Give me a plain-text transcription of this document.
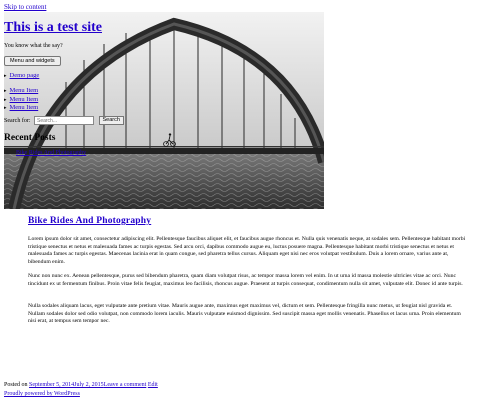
Skip to content
This is a test site
You know what the say?
Menu and widgets
▸ Demo page
▸ Menu Item
▸ Menu Item
▸ Menu Item
Search for: Search...	Search
Recent Posts
Bike Rides And Photography
Bike Rides And Photography

Lorem ipsum dolor sit amet, consectetur adipiscing elit. Pellentesque faucibus aliquet elit, et faucibus augue rhoncus et. Nulla quis venenatis neque, at sodales sem. Pellentesque habitant morbi tristique senectus et netus et malesuada fames ac turpis egestas. Sed arcu orci, dapibus commodo augue eu, luctus posuere magna. Pellentesque habitant morbi tristique senectus et netus et malesuada fames ac turpis egestas. Maecenas lacinia erat in quam congue, sed pharetra tellus cursus. Aliquam eget nisi nec eros volutpat vestibulum. Duis a lorem ornare, varius ante at, bibendum enim.

Nunc non nunc ex. Aenean pellentesque, purus sed bibendum pharetra, quam diam volutpat risus, ac tempor massa lorem vel enim. In ut urna id massa molestie ultricies vitae ac orci. Nunc tincidunt ex ut fermentum finibus. Proin vitae felis feugiat, maximus leo facilisis, rhoncus augue. Praesent at turpis consequat, condimentum nulla sit amet, vulputate elit. Donec id ante turpis.

Nulla sodales aliquam lacus, eget vulputate ante pretium vitae. Mauris augue ante, maximus eget maximus vel, dictum et sem. Pellentesque fringilla nunc metus, ut feugiat nisl gravida et. Nullam sodales dolor sed odio volutpat, non commodo lorem iaculis. Mauris vulputate euismod dignissim. Sed suscipit massa eget mollis venenatis. Phasellus et lacus urna. Proin elementum nisi erat, at tempus sem tempor nec.

Posted on September 5, 2014July 2, 2015Leave a comment Edit
Proudly powered by WordPress
